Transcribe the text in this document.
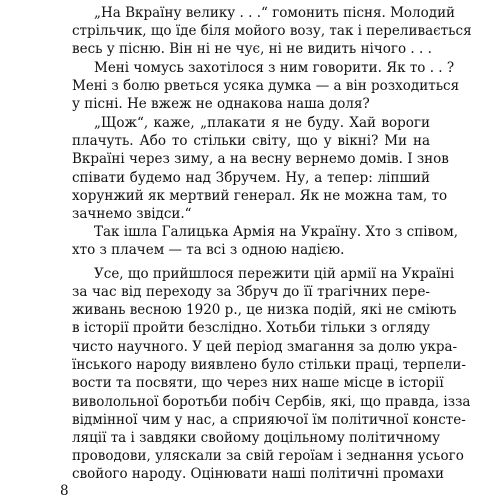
„На Вкраїну велику . . .“ гомонить пісня. Молодий
стрільчик, що їде біля мойого возу, так і переливається
весь у пісню. Він ні не чує, ні не видить нічого . . .
Мені чомусь захотілося з ним говорити. Як то . . ?
Мені з болю рветься усяка думка — а він розходиться
у пісні. Не вжеж не однакова наша доля?
„Щож“, каже, „плакати я не буду. Хай вороги
плачуть. Або то стільки світу, що у вікні? Ми на
Вкраїні через зиму, а на весну вернемо домів. І знов
співати будемо над Збручем. Ну, а тепер: ліпший
хорунжий як мертвий генерал. Як не можна там, то
зачнемо звідси.“
Так ішла Галицька Армія на Україну. Хто з співом,
хто з плачем — та всі з одною надією.
Усе, що прийшлося пережити цій армії на Україні
за час від переходу за Збруч до її трагічних пере-
живань весною 1920 р., це низка подій, які не сміють
в історії пройти безслідно. Хотьби тільки з огляду
чисто научного. У цей період змагання за долю укра-
їнського народу виявлено було стільки праці, терпели-
вости та посвяти, що через них наше місце в історії
виволольної боротьби побіч Сербів, які, що правда, ізза
відмінної чим у нас, а сприяючої їм політичної консте-
ляції та і завдяки свойому доцільному політичному
проводови, уляскали за свій героїам і зеднання усього
свойого народу. Оцінювати наші політичні промахи
8
